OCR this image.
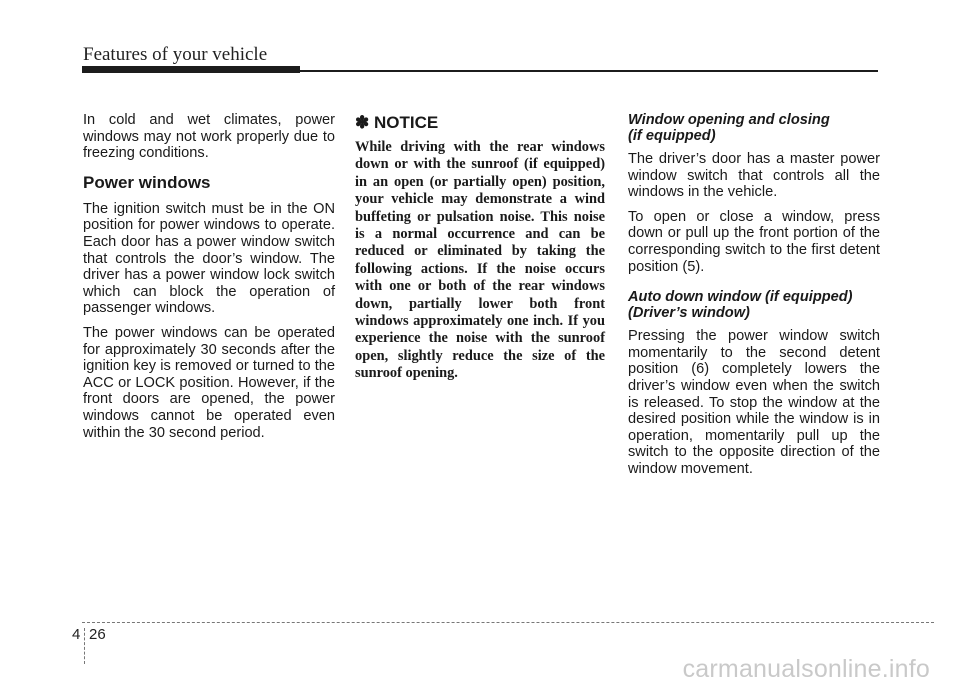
Features of your vehicle

In cold and wet climates, power windows may not work properly due to freezing conditions.

Power windows

The ignition switch must be in the ON position for power windows to operate. Each door has a power window switch that controls the door’s window. The driver has a power window lock switch which can block the operation of passenger windows.

The power windows can be operated for approximately 30 seconds after the ignition key is removed or turned to the ACC or LOCK position. However, if the front doors are opened, the power windows cannot be operated even within the 30 second period.

✽ NOTICE

While driving with the rear windows down or with the sunroof (if equipped) in an open (or partially open) position, your vehicle may demonstrate a wind buffeting or pulsation noise. This noise is a normal occurrence and can be reduced or eliminated by taking the following actions. If the noise occurs with one or both of the rear windows down, partially lower both front windows approximately one inch. If you experience the noise with the sunroof open, slightly reduce the size of the sunroof opening.

Window opening and closing
(if equipped)

The driver’s door has a master power window switch that controls all the windows in the vehicle.

To open or close a window, press down or pull up the front portion of the corresponding switch to the first detent position (5).

Auto down window (if equipped)
(Driver’s window)

Pressing the power window switch momentarily to the second detent position (6) completely lowers the driver’s window even when the switch is released. To stop the window at the desired position while the window is in operation, momentarily pull up the switch to the opposite direction of the window movement.

4 26
carmanualsonline.info
